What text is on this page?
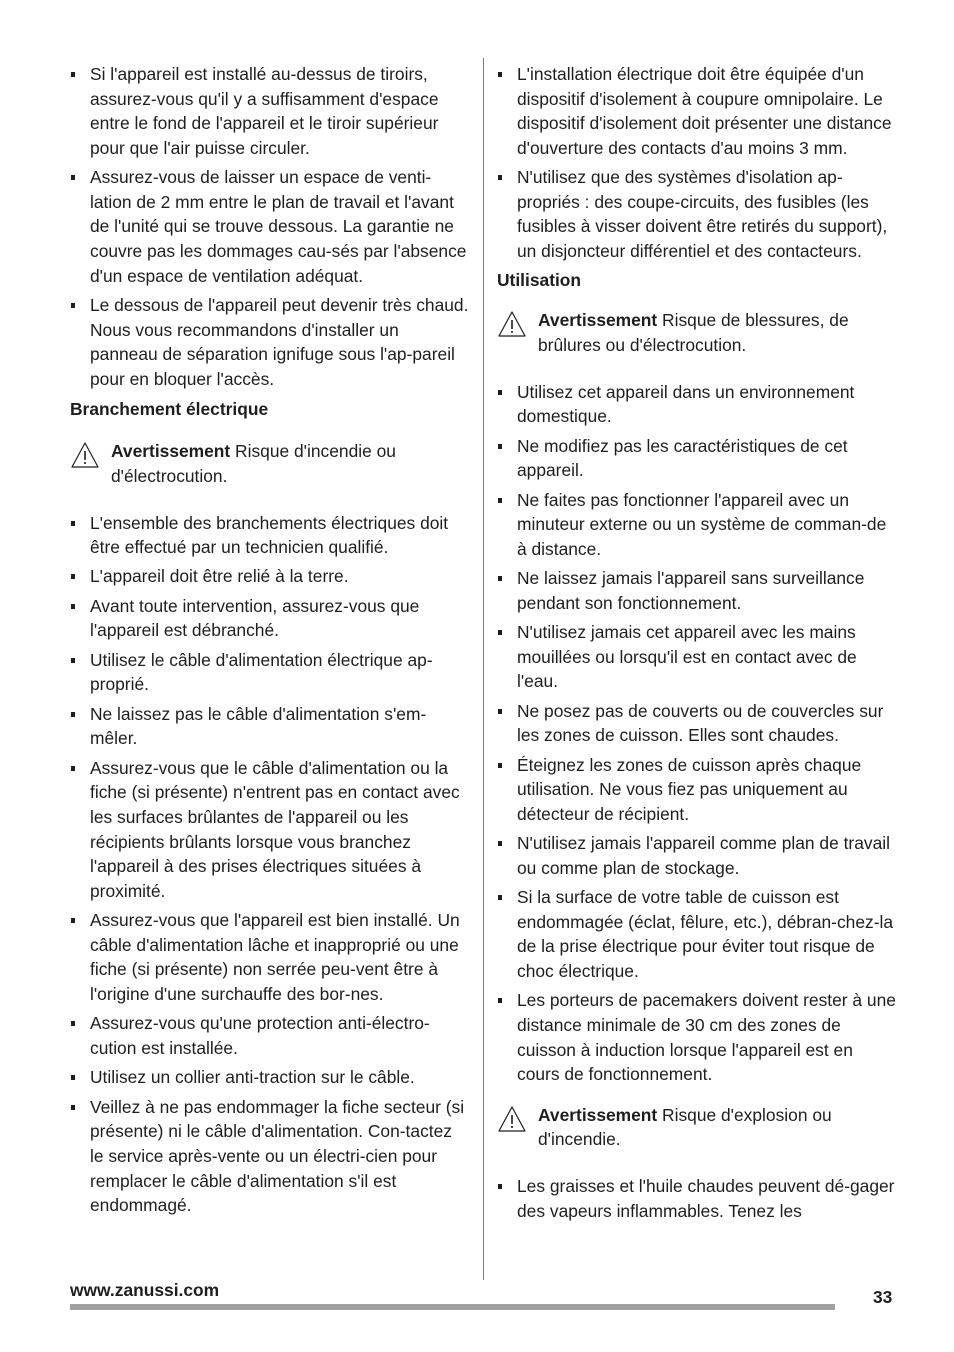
Si l'appareil est installé au-dessus de tiroirs, assurez-vous qu'il y a suffisamment d'espace entre le fond de l'appareil et le tiroir supérieur pour que l'air puisse circuler.
Assurez-vous de laisser un espace de venti-lation de 2 mm entre le plan de travail et l'avant de l'unité qui se trouve dessous. La garantie ne couvre pas les dommages cau-sés par l'absence d'un espace de ventilation adéquat.
Le dessous de l'appareil peut devenir très chaud. Nous vous recommandons d'installer un panneau de séparation ignifuge sous l'ap-pareil pour en bloquer l'accès.
Branchement électrique
Avertissement Risque d'incendie ou d'électrocution.
L'ensemble des branchements électriques doit être effectué par un technicien qualifié.
L'appareil doit être relié à la terre.
Avant toute intervention, assurez-vous que l'appareil est débranché.
Utilisez le câble d'alimentation électrique ap-proprié.
Ne laissez pas le câble d'alimentation s'em-mêler.
Assurez-vous que le câble d'alimentation ou la fiche (si présente) n'entrent pas en contact avec les surfaces brûlantes de l'appareil ou les récipients brûlants lorsque vous branchez l'appareil à des prises électriques situées à proximité.
Assurez-vous que l'appareil est bien installé. Un câble d'alimentation lâche et inapproprié ou une fiche (si présente) non serrée peu-vent être à l'origine d'une surchauffe des bor-nes.
Assurez-vous qu'une protection anti-électro-cution est installée.
Utilisez un collier anti-traction sur le câble.
Veillez à ne pas endommager la fiche secteur (si présente) ni le câble d'alimentation. Con-tactez le service après-vente ou un électri-cien pour remplacer le câble d'alimentation s'il est endommagé.
L'installation électrique doit être équipée d'un dispositif d'isolement à coupure omnipolaire. Le dispositif d'isolement doit présenter une distance d'ouverture des contacts d'au moins 3 mm.
N'utilisez que des systèmes d'isolation ap-propriés : des coupe-circuits, des fusibles (les fusibles à visser doivent être retirés du support), un disjoncteur différentiel et des contacteurs.
Utilisation
Avertissement Risque de blessures, de brûlures ou d'électrocution.
Utilisez cet appareil dans un environnement domestique.
Ne modifiez pas les caractéristiques de cet appareil.
Ne faites pas fonctionner l'appareil avec un minuteur externe ou un système de comman-de à distance.
Ne laissez jamais l'appareil sans surveillance pendant son fonctionnement.
N'utilisez jamais cet appareil avec les mains mouillées ou lorsqu'il est en contact avec de l'eau.
Ne posez pas de couverts ou de couvercles sur les zones de cuisson. Elles sont chaudes.
Éteignez les zones de cuisson après chaque utilisation. Ne vous fiez pas uniquement au détecteur de récipient.
N'utilisez jamais l'appareil comme plan de travail ou comme plan de stockage.
Si la surface de votre table de cuisson est endommagée (éclat, fêlure, etc.), débran-chez-la de la prise électrique pour éviter tout risque de choc électrique.
Les porteurs de pacemakers doivent rester à une distance minimale de 30 cm des zones de cuisson à induction lorsque l'appareil est en cours de fonctionnement.
Avertissement Risque d'explosion ou d'incendie.
Les graisses et l'huile chaudes peuvent dé-gager des vapeurs inflammables. Tenez les
www.zanussi.com	33
